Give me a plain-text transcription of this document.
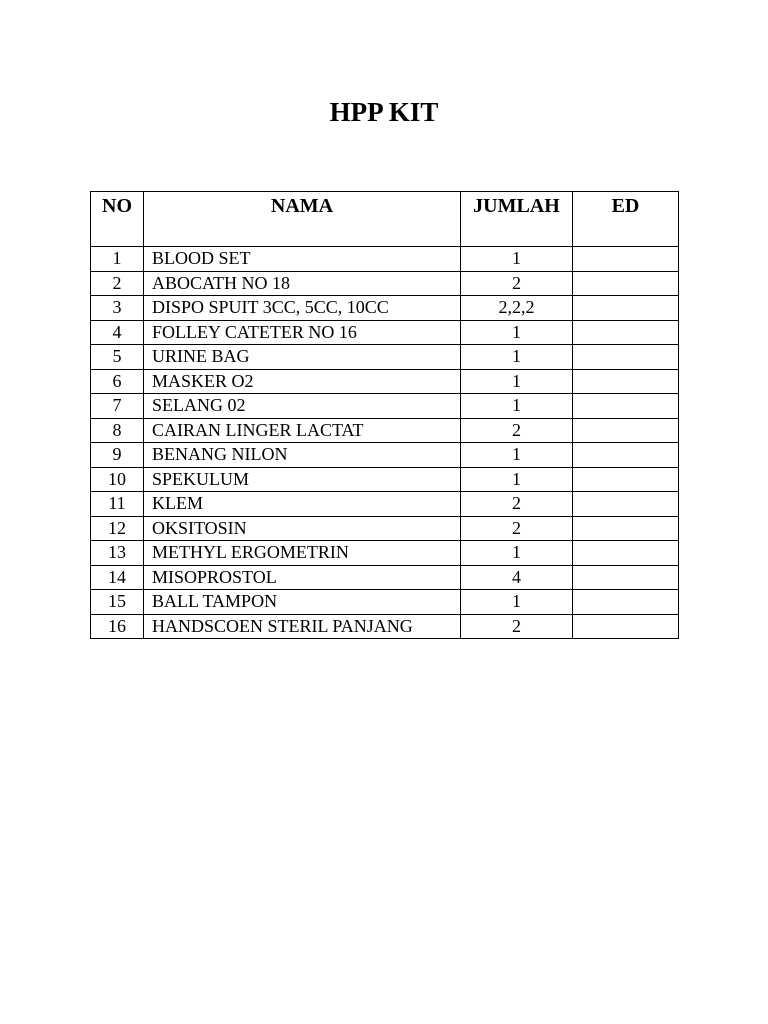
HPP KIT
NO	NAMA	JUMLAH	ED
1	BLOOD SET	1	
2	ABOCATH NO 18	2	
3	DISPO SPUIT 3CC, 5CC, 10CC	2,2,2	
4	FOLLEY CATETER NO 16	1	
5	URINE BAG	1	
6	MASKER O2	1	
7	SELANG 02	1	
8	CAIRAN LINGER LACTAT	2	
9	BENANG NILON	1	
10	SPEKULUM	1	
11	KLEM	2	
12	OKSITOSIN	2	
13	METHYL ERGOMETRIN	1	
14	MISOPROSTOL	4	
15	BALL TAMPON	1	
16	HANDSCOEN STERIL PANJANG	2	
